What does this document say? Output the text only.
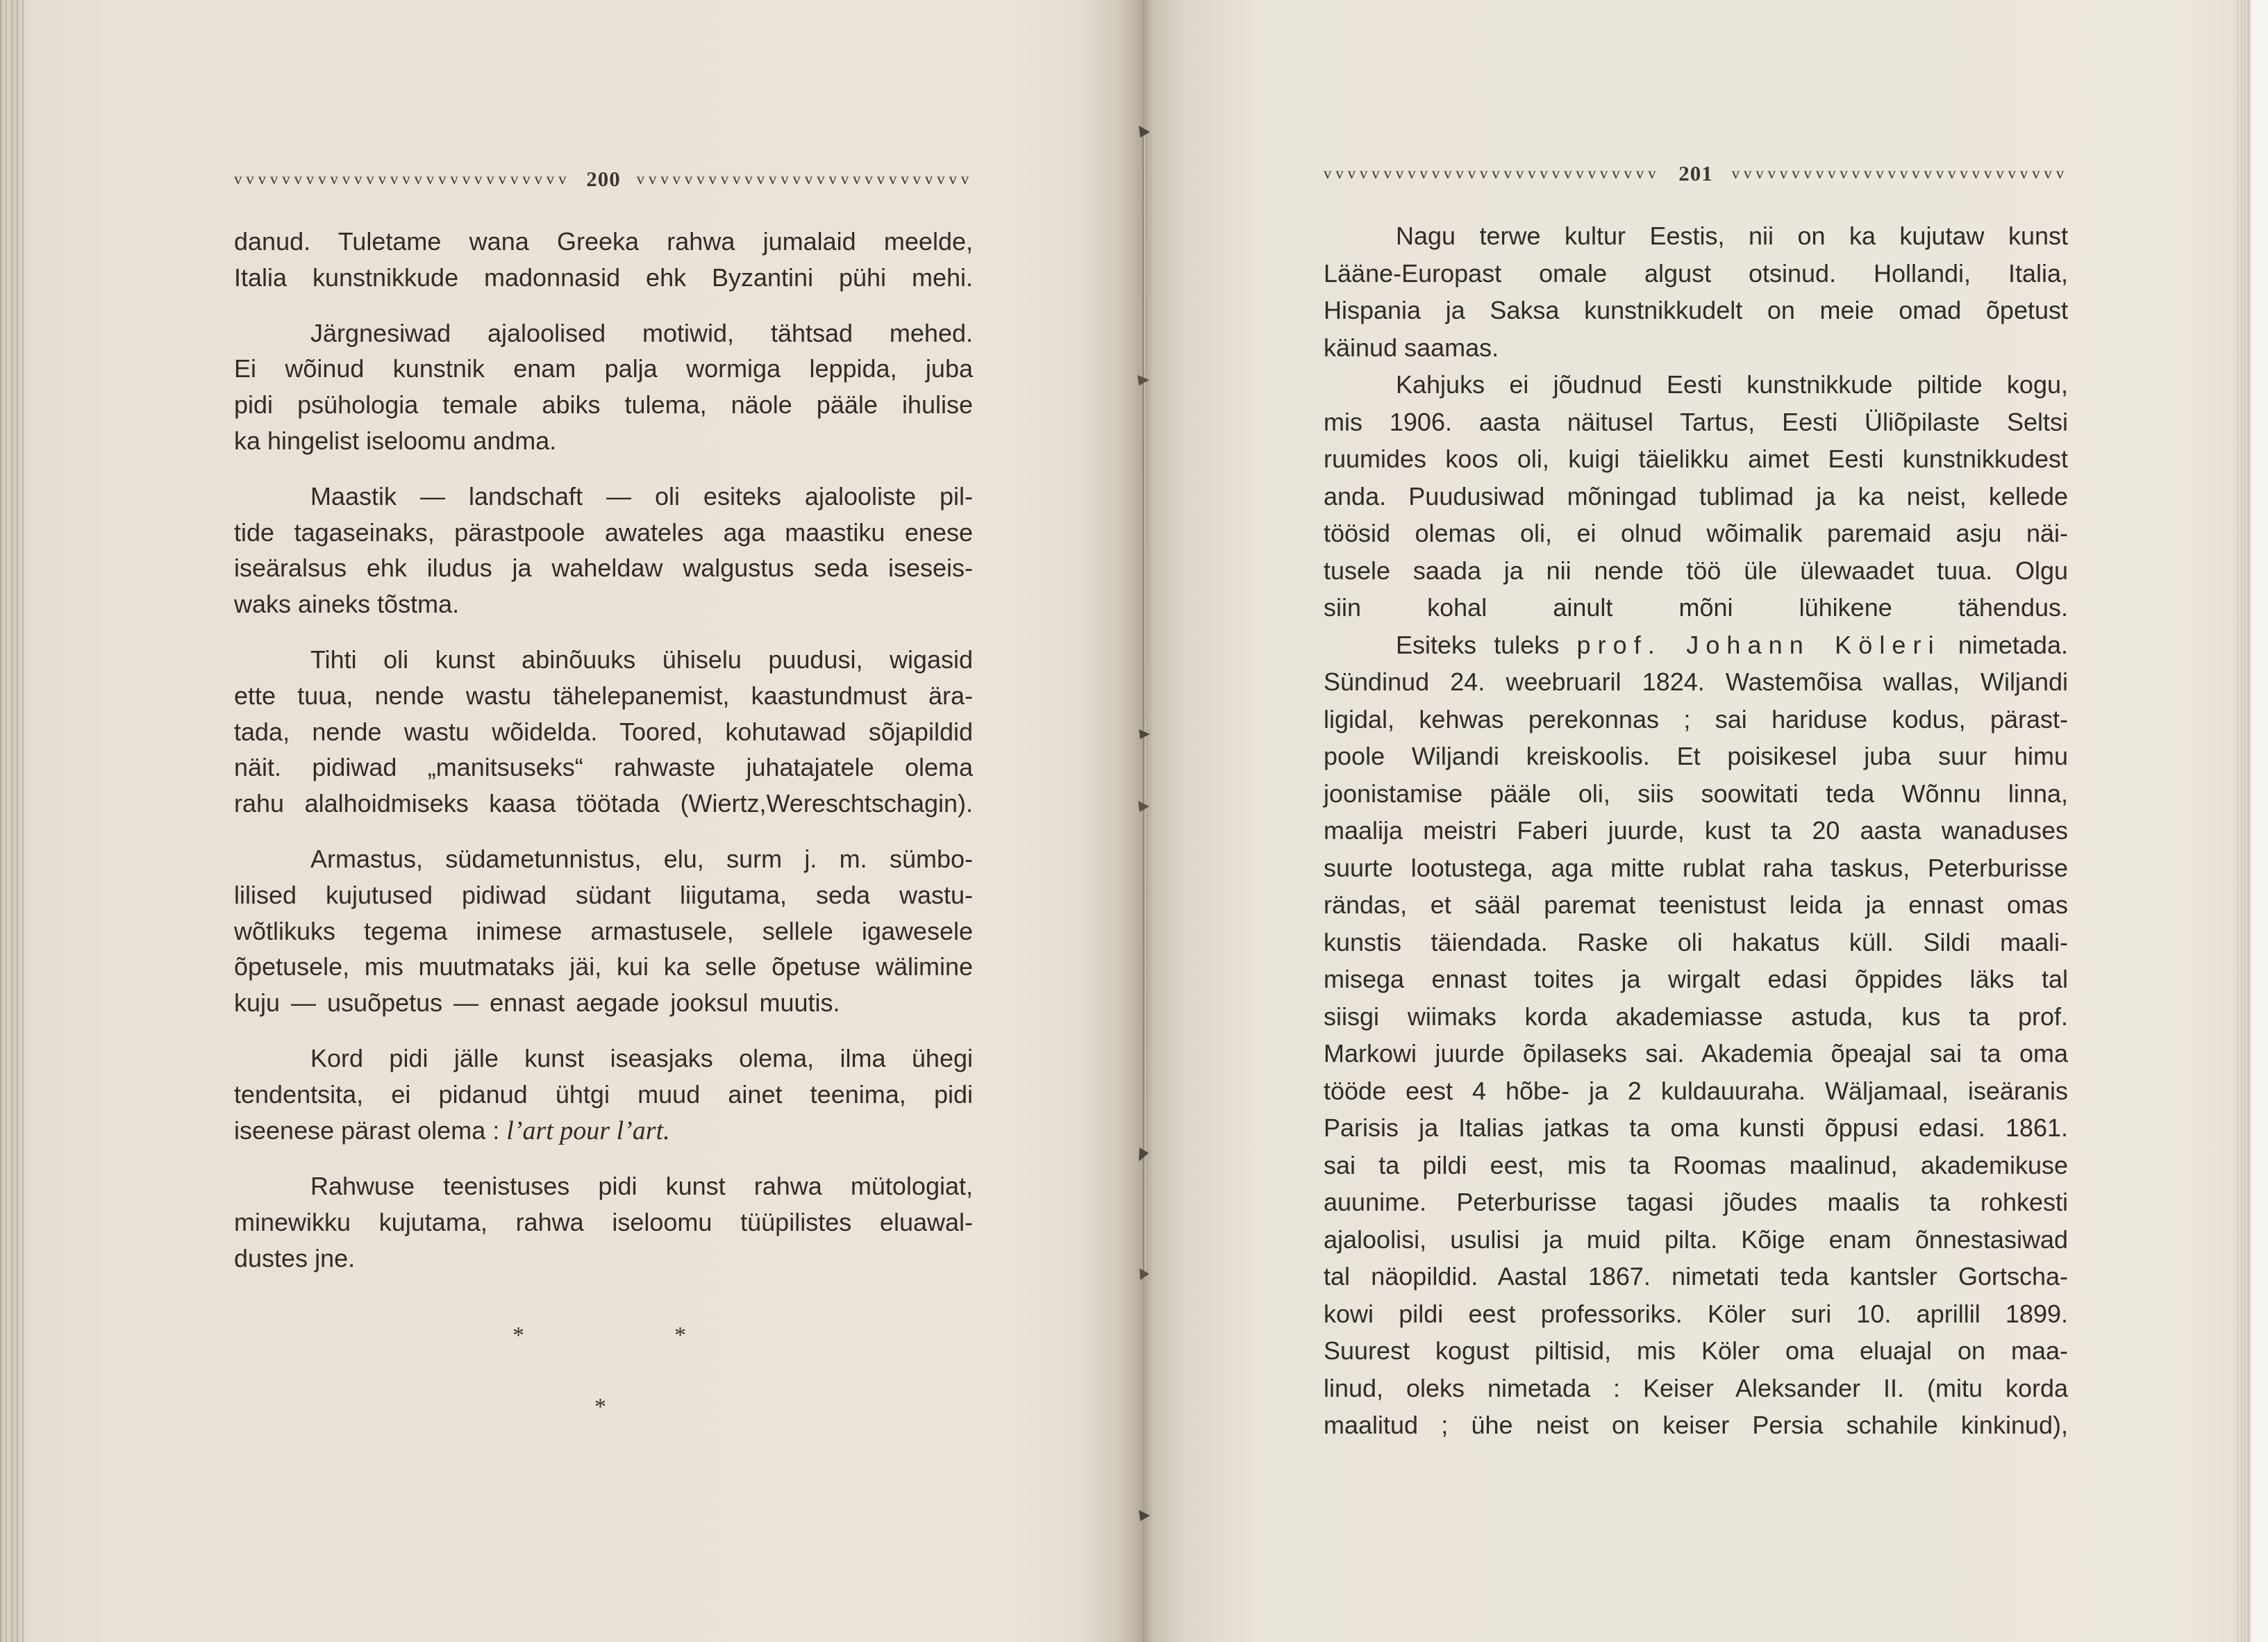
vvvvvvvvvvvvvvvvvvvvvvvvvvvv 200 vvvvvvvvvvvvvvvvvvvvvvvvvvvv	vvvvvvvvvvvvvvvvvvvvvvvvvvvv 201 vvvvvvvvvvvvvvvvvvvvvvvvvvvv
danud. Tuletame wana Greeka rahwa jumalaid meelde,
Italia kunstnikkude madonnasid ehk Byzantini pühi mehi.
Järgnesiwad ajaloolised motiwid, tähtsad mehed.
Ei wõinud kunstnik enam palja wormiga leppida, juba
pidi psühologia temale abiks tulema, näole pääle ihulise
ka hingelist iseloomu andma.
Maastik — landschaft — oli esiteks ajalooliste pil-
tide tagaseinaks, pärastpoole awateles aga maastiku enese
iseäralsus ehk iludus ja waheldaw walgustus seda iseseis-
waks aineks tõstma.
Tihti oli kunst abinõuuks ühiselu puudusi, wigasid
ette tuua, nende wastu tähelepanemist, kaastundmust ära-
tada, nende wastu wõidelda. Toored, kohutawad sõjapildid
näit. pidiwad „manitsuseks“ rahwaste juhatajatele olema
rahu alalhoidmiseks kaasa töötada (Wiertz,Wereschtschagin).
Armastus, südametunnistus, elu, surm j. m. sümbo-
lilised kujutused pidiwad südant liigutama, seda wastu-
wõtlikuks tegema inimese armastusele, sellele igawesele
õpetusele, mis muutmataks jäi, kui ka selle õpetuse wälimine
kuju — usuõpetus — ennast aegade jooksul muutis.
Kord pidi jälle kunst iseasjaks olema, ilma ühegi
tendentsita, ei pidanud ühtgi muud ainet teenima, pidi
iseenese pärast olema : l’art pour l’art.
Rahwuse teenistuses pidi kunst rahwa mütologiat,
minewikku kujutama, rahwa iseloomu tüüpilistes eluawal-
dustes jne.
*	*
*
Nagu terwe kultur Eestis, nii on ka kujutaw kunst
Lääne-Europast omale algust otsinud. Hollandi, Italia,
Hispania ja Saksa kunstnikkudelt on meie omad õpetust
käinud saamas.
Kahjuks ei jõudnud Eesti kunstnikkude piltide kogu,
mis 1906. aasta näitusel Tartus, Eesti Üliõpilaste Seltsi
ruumides koos oli, kuigi täielikku aimet Eesti kunstnikkudest
anda. Puudusiwad mõningad tublimad ja ka neist, kellede
töösid olemas oli, ei olnud wõimalik paremaid asju näi-
tusele saada ja nii nende töö üle ülewaadet tuua. Olgu
siin kohal ainult mõni lühikene tähendus.
Esiteks tuleks prof. Johann Köleri nimetada.
Sündinud 24. weebruaril 1824. Wastemõisa wallas, Wiljandi
ligidal, kehwas perekonnas ; sai hariduse kodus, pärast-
poole Wiljandi kreiskoolis. Et poisikesel juba suur himu
joonistamise pääle oli, siis soowitati teda Wõnnu linna,
maalija meistri Faberi juurde, kust ta 20 aasta wanaduses
suurte lootustega, aga mitte rublat raha taskus, Peterburisse
rändas, et sääl paremat teenistust leida ja ennast omas
kunstis täiendada. Raske oli hakatus küll. Sildi maali-
misega ennast toites ja wirgalt edasi õppides läks tal
siisgi wiimaks korda akademiasse astuda, kus ta prof.
Markowi juurde õpilaseks sai. Akademia õpeajal sai ta oma
tööde eest 4 hõbe- ja 2 kuldauuraha. Wäljamaal, iseäranis
Parisis ja Italias jatkas ta oma kunsti õppusi edasi. 1861.
sai ta pildi eest, mis ta Roomas maalinud, akademikuse
auunime. Peterburisse tagasi jõudes maalis ta rohkesti
ajaloolisi, usulisi ja muid pilta. Kõige enam õnnestasiwad
tal näopildid. Aastal 1867. nimetati teda kantsler Gortscha-
kowi pildi eest professoriks. Köler suri 10. aprillil 1899.
Suurest kogust piltisid, mis Köler oma eluajal on maa-
linud, oleks nimetada : Keiser Aleksander II. (mitu korda
maalitud ; ühe neist on keiser Persia schahile kinkinud),
